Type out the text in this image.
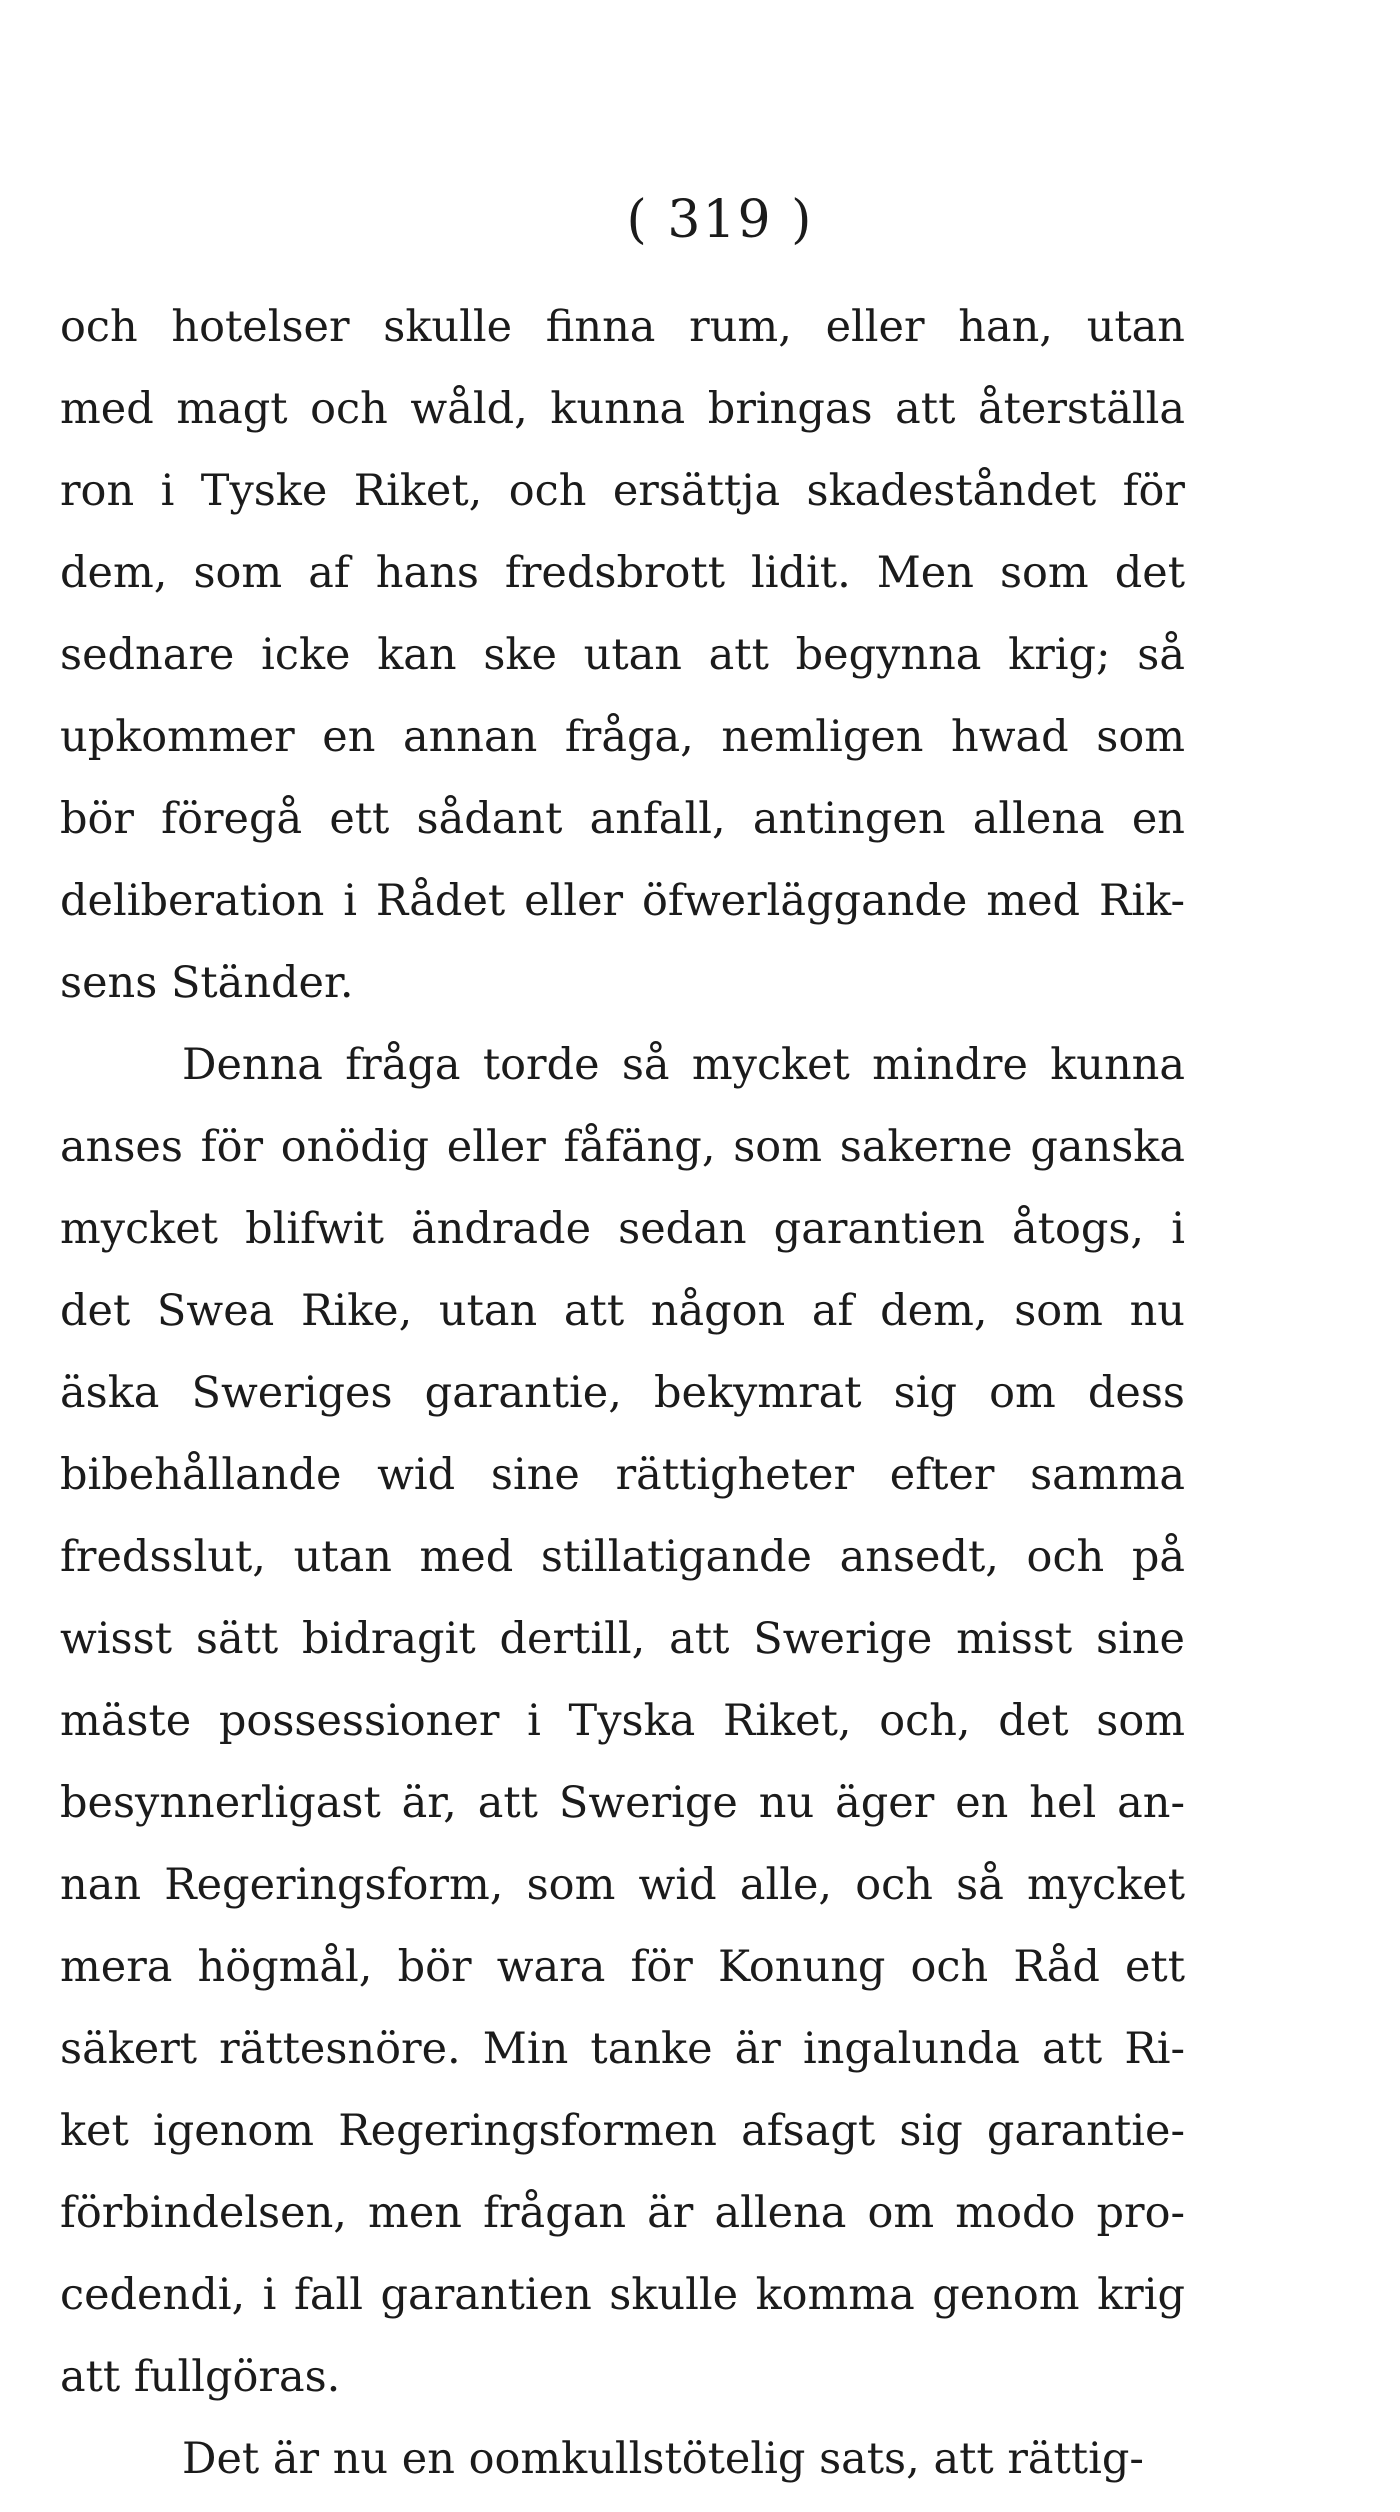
( 319 )
och hotelser skulle finna rum, eller han, utan
med magt och wåld, kunna bringas att återställa
ron i Tyske Riket, och ersättja skadeståndet för
dem, som af hans fredsbrott lidit. Men som det
sednare icke kan ske utan att begynna krig; så
upkommer en annan fråga, nemligen hwad som
bör föregå ett sådant anfall, antingen allena en
deliberation i Rådet eller öfwerläggande med Rik-
sens Ständer.
Denna fråga torde så mycket mindre kunna
anses för onödig eller fåfäng, som sakerne ganska
mycket blifwit ändrade sedan garantien åtogs, i
det Swea Rike, utan att någon af dem, som nu
äska Sweriges garantie, bekymrat sig om dess
bibehållande wid sine rättigheter efter samma
fredsslut, utan med stillatigande ansedt, och på
wisst sätt bidragit dertill, att Swerige misst sine
mäste possessioner i Tyska Riket, och, det som
besynnerligast är, att Swerige nu äger en hel an-
nan Regeringsform, som wid alle, och så mycket
mera högmål, bör wara för Konung och Råd ett
säkert rättesnöre. Min tanke är ingalunda att Ri-
ket igenom Regeringsformen afsagt sig garantie-
förbindelsen, men frågan är allena om modo pro-
cedendi, i fall garantien skulle komma genom krig
att fullgöras.
Det är nu en oomkullstötelig sats, att rättig-
